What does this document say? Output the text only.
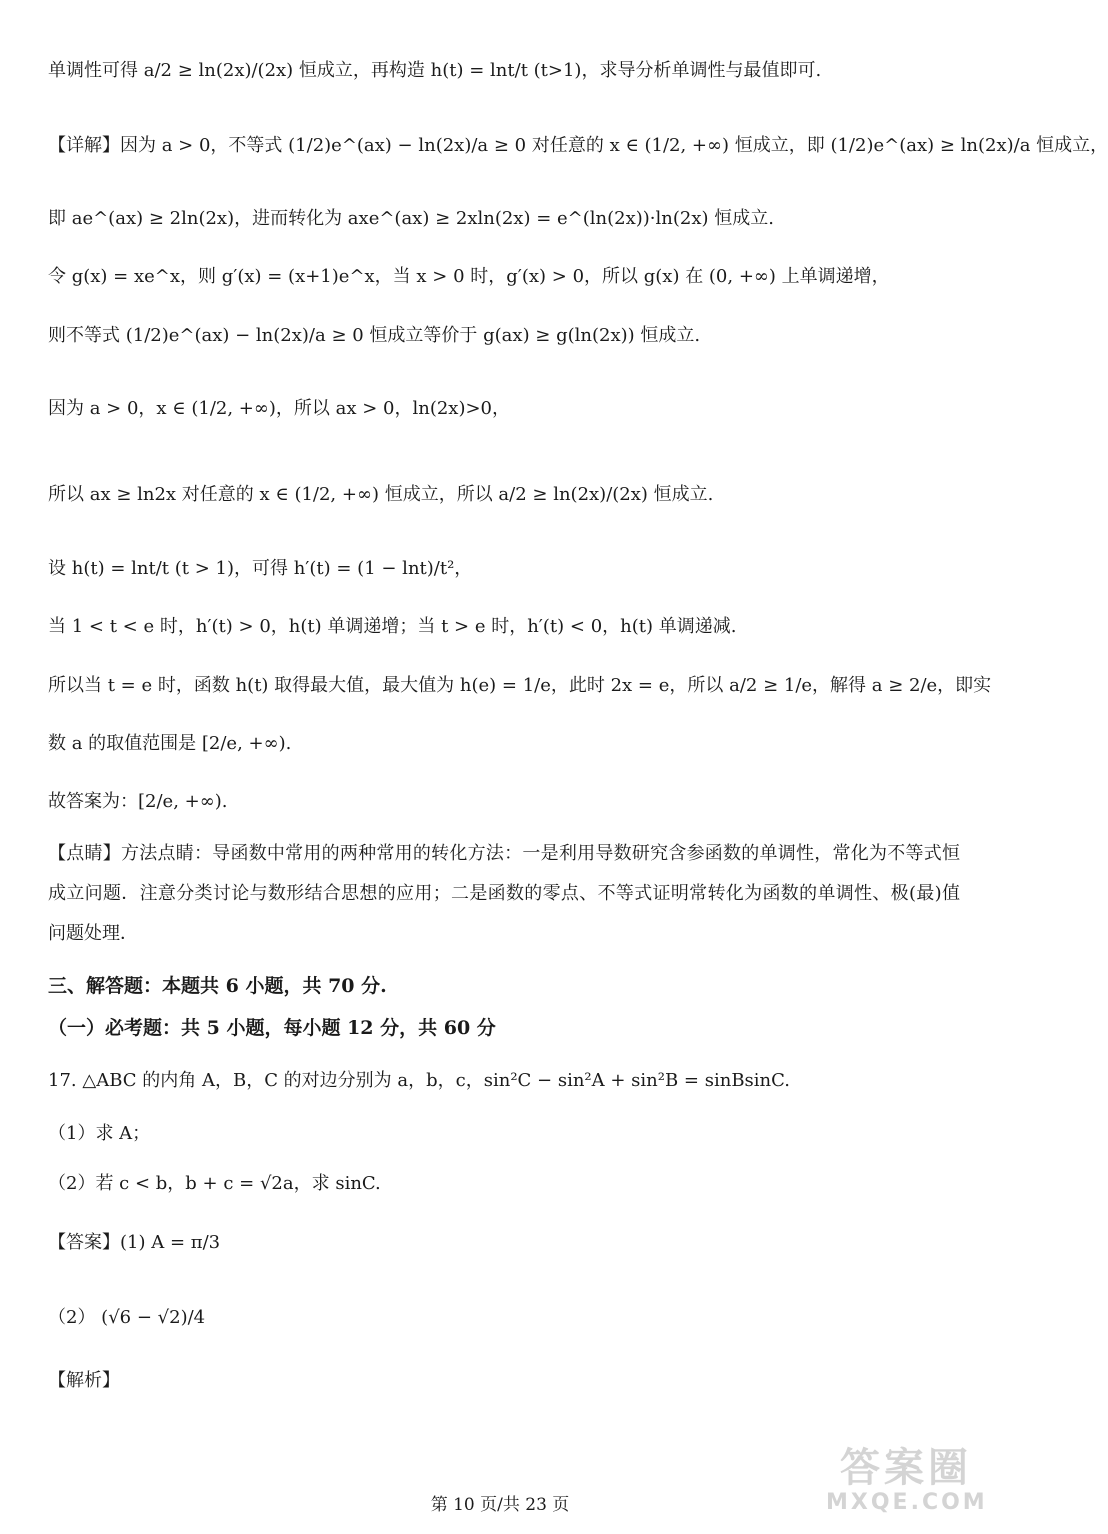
单调性可得 a/2 ≥ ln(2x)/(2x) 恒成立，再构造 h(t) = lnt/t (t>1)，求导分析单调性与最值即可.
【详解】因为 a > 0，不等式 (1/2)e^(ax) − ln(2x)/a ≥ 0 对任意的 x ∈ (1/2, +∞) 恒成立，即 (1/2)e^(ax) ≥ ln(2x)/a 恒成立，
即 ae^(ax) ≥ 2ln(2x)，进而转化为 axe^(ax) ≥ 2xln(2x) = e^(ln(2x))·ln(2x) 恒成立.
令 g(x) = xe^x，则 g′(x) = (x+1)e^x，当 x > 0 时，g′(x) > 0，所以 g(x) 在 (0, +∞) 上单调递增，
则不等式 (1/2)e^(ax) − ln(2x)/a ≥ 0 恒成立等价于 g(ax) ≥ g(ln(2x)) 恒成立.
因为 a > 0，x ∈ (1/2, +∞)，所以 ax > 0，ln(2x)>0，
所以 ax ≥ ln2x 对任意的 x ∈ (1/2, +∞) 恒成立，所以 a/2 ≥ ln(2x)/(2x) 恒成立.
设 h(t) = lnt/t (t > 1)，可得 h′(t) = (1 − lnt)/t²，
当 1 < t < e 时，h′(t) > 0，h(t) 单调递增；当 t > e 时，h′(t) < 0，h(t) 单调递减.
所以当 t = e 时，函数 h(t) 取得最大值，最大值为 h(e) = 1/e，此时 2x = e，所以 a/2 ≥ 1/e，解得 a ≥ 2/e，即实
数 a 的取值范围是 [2/e, +∞).
故答案为：[2/e, +∞).
【点睛】方法点睛：导函数中常用的两种常用的转化方法：一是利用导数研究含参函数的单调性，常化为不等式恒成立问题．注意分类讨论与数形结合思想的应用；二是函数的零点、不等式证明常转化为函数的单调性、极(最)值问题处理．
三、解答题：本题共 6 小题，共 70 分.
（一）必考题：共 5 小题，每小题 12 分，共 60 分
17. △ABC 的内角 A，B，C 的对边分别为 a，b，c，sin²C − sin²A + sin²B = sinBsinC.
（1）求 A；
（2）若 c < b，b + c = √2a，求 sinC.
【答案】(1) A = π/3
（2） (√6 − √2)/4
【解析】
第 10 页/共 23 页
答案圈
MXQE.COM
